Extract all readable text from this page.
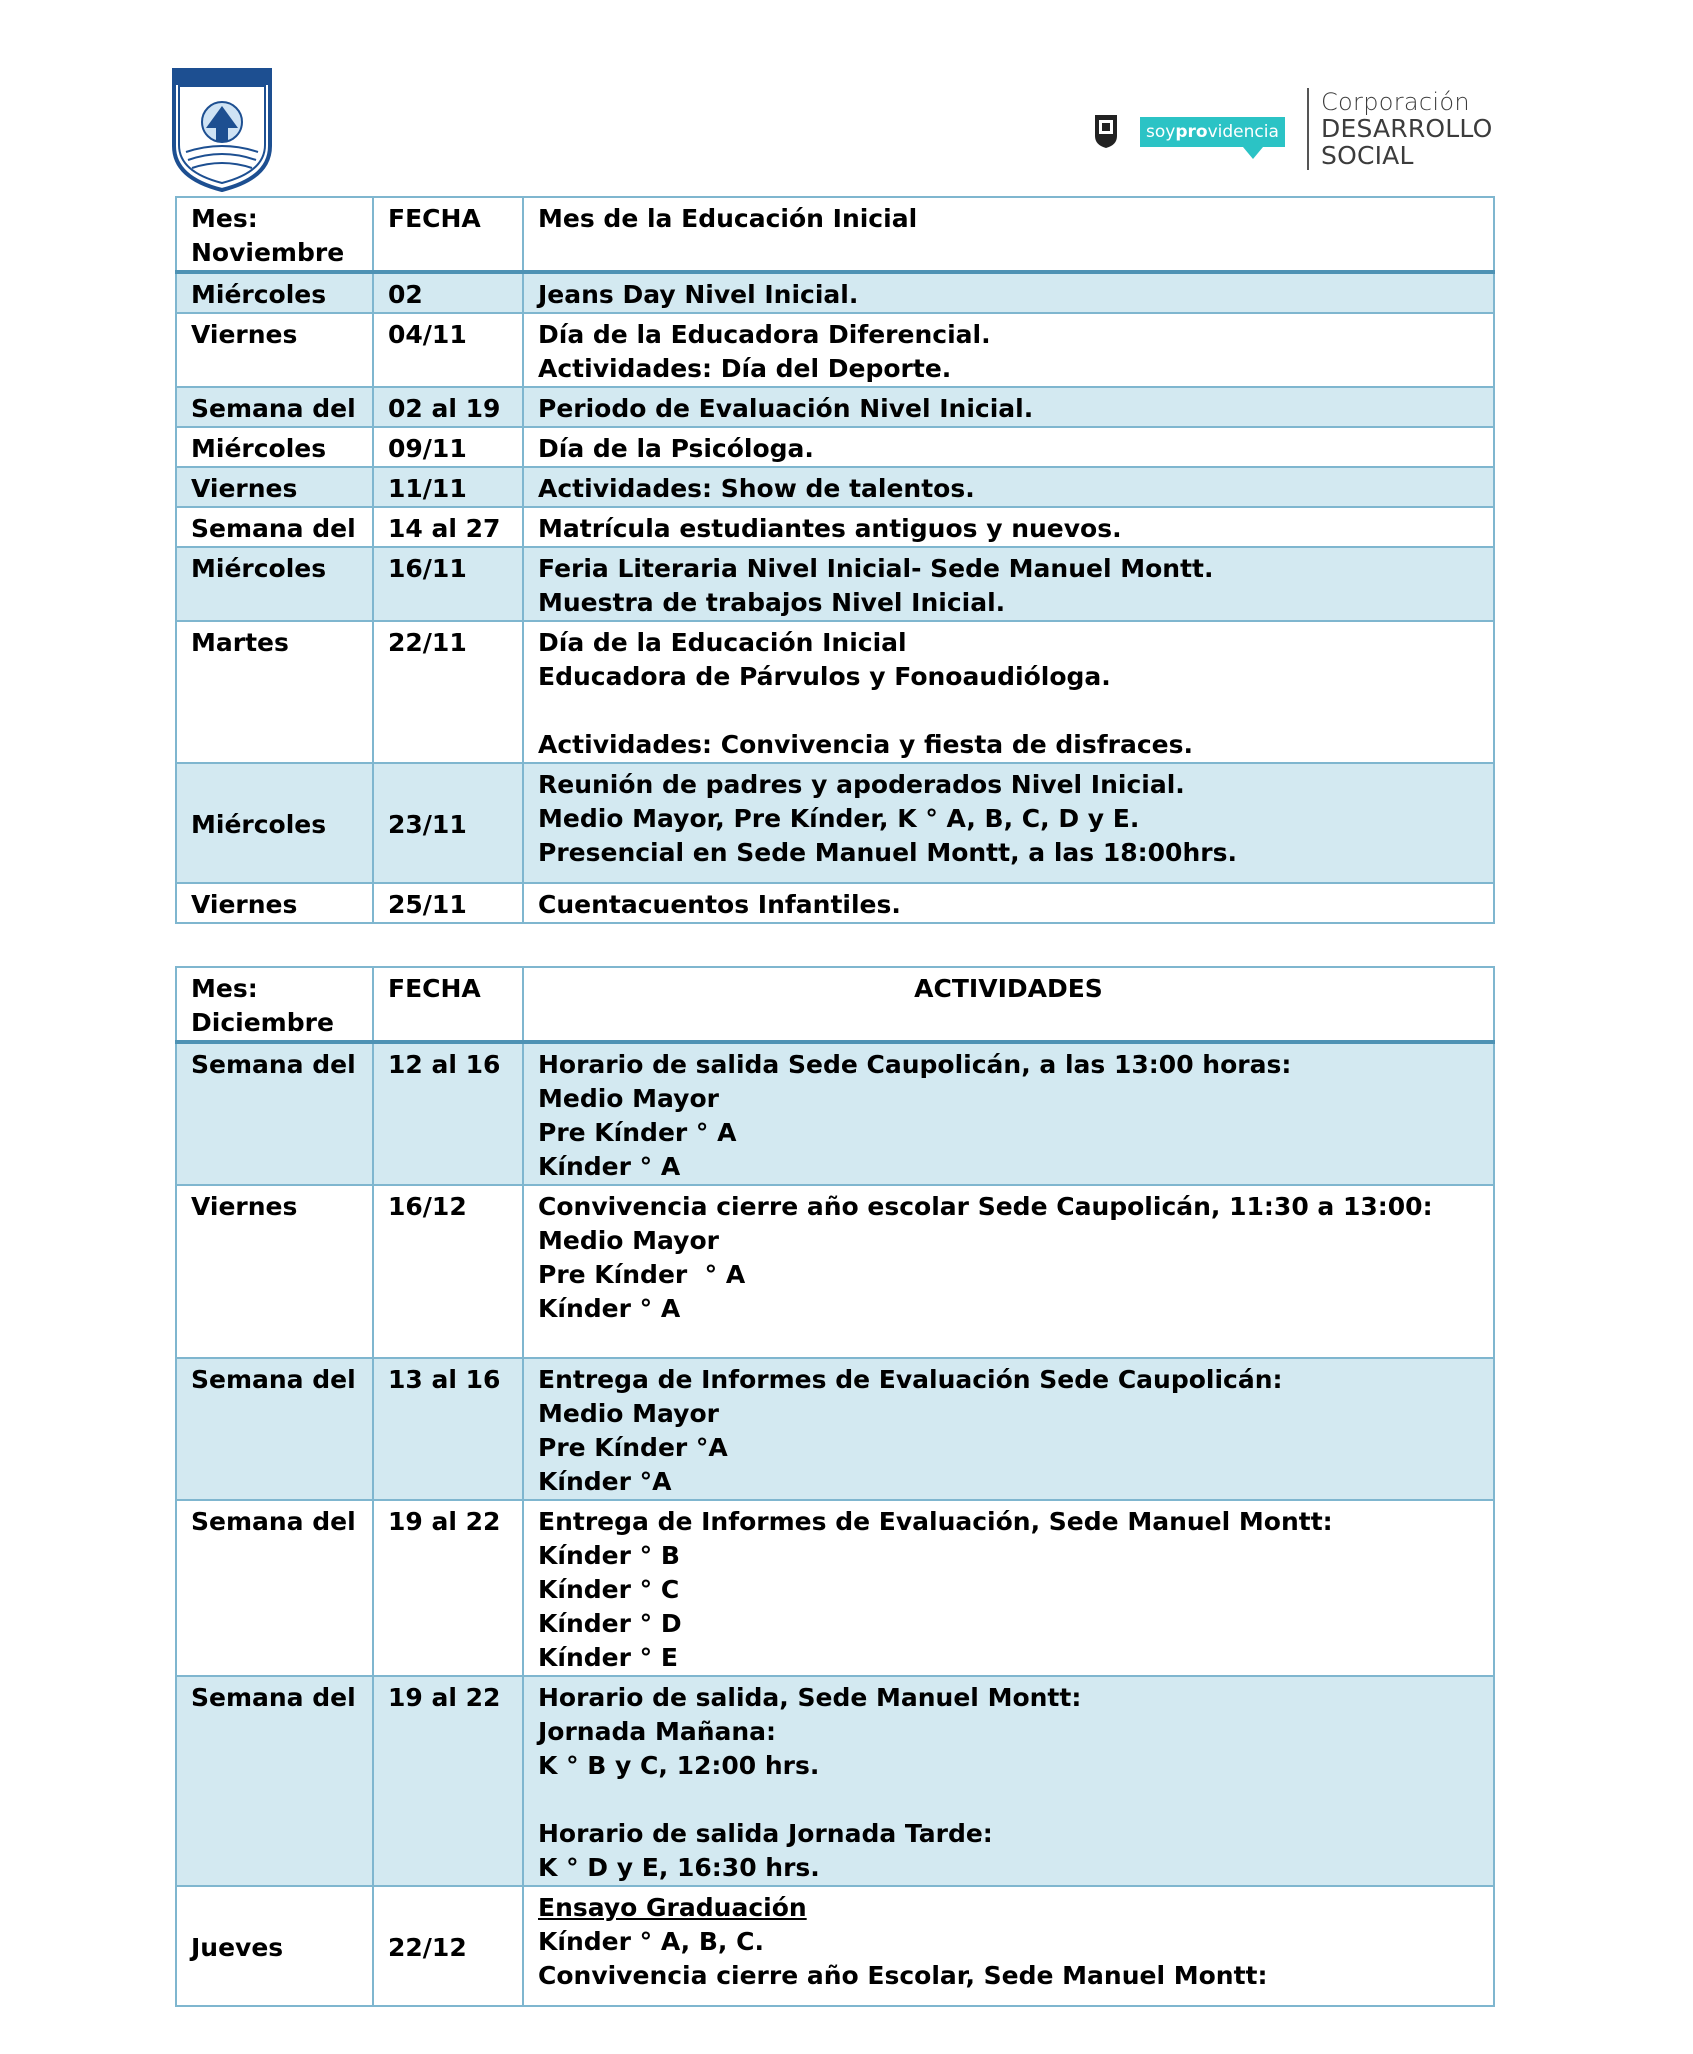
soyprovidencia
Corporación
DESARROLLO
SOCIAL
Mes:
Noviembre	FECHA	Mes de la Educación Inicial
Miércoles	02	Jeans Day Nivel Inicial.

Viernes	04/11	Día de la Educadora Diferencial.
Actividades: Día del Deporte.

Semana del	02 al 19	Periodo de Evaluación Nivel Inicial.

Miércoles	09/11	Día de la Psicóloga.

Viernes	11/11	Actividades: Show de talentos.

Semana del	14 al 27	Matrícula estudiantes antiguos y nuevos.

Miércoles	16/11	Feria Literaria Nivel Inicial- Sede Manuel Montt.
Muestra de trabajos Nivel Inicial.

Martes	22/11	Día de la Educación Inicial
Educadora de Párvulos y Fonoaudióloga.
Actividades: Convivencia y fiesta de disfraces.

Miércoles	23/11	Reunión de padres y apoderados Nivel Inicial.
Medio Mayor, Pre Kínder, K ° A, B, C, D y E.
Presencial en Sede Manuel Montt, a las 18:00hrs.

Viernes	25/11	Cuentacuentos Infantiles.
Mes:
Diciembre	FECHA	ACTIVIDADES
Semana del	12 al 16	Horario de salida Sede Caupolicán, a las 13:00 horas:
Medio Mayor
Pre Kínder ° A
Kínder ° A

Viernes	16/12	Convivencia cierre año escolar Sede Caupolicán, 11:30 a 13:00:
Medio Mayor
Pre Kínder  ° A
Kínder ° A

Semana del	13 al 16	Entrega de Informes de Evaluación Sede Caupolicán:
Medio Mayor
Pre Kínder °A
Kínder °A

Semana del	19 al 22	Entrega de Informes de Evaluación, Sede Manuel Montt:
Kínder ° B
Kínder ° C
Kínder ° D
Kínder ° E

Semana del	19 al 22	Horario de salida, Sede Manuel Montt:
Jornada Mañana:
K ° B y C, 12:00 hrs.
Horario de salida Jornada Tarde:
K ° D y E, 16:30 hrs.

Jueves	22/12	Ensayo Graduación
Kínder ° A, B, C.
Convivencia cierre año Escolar, Sede Manuel Montt:
